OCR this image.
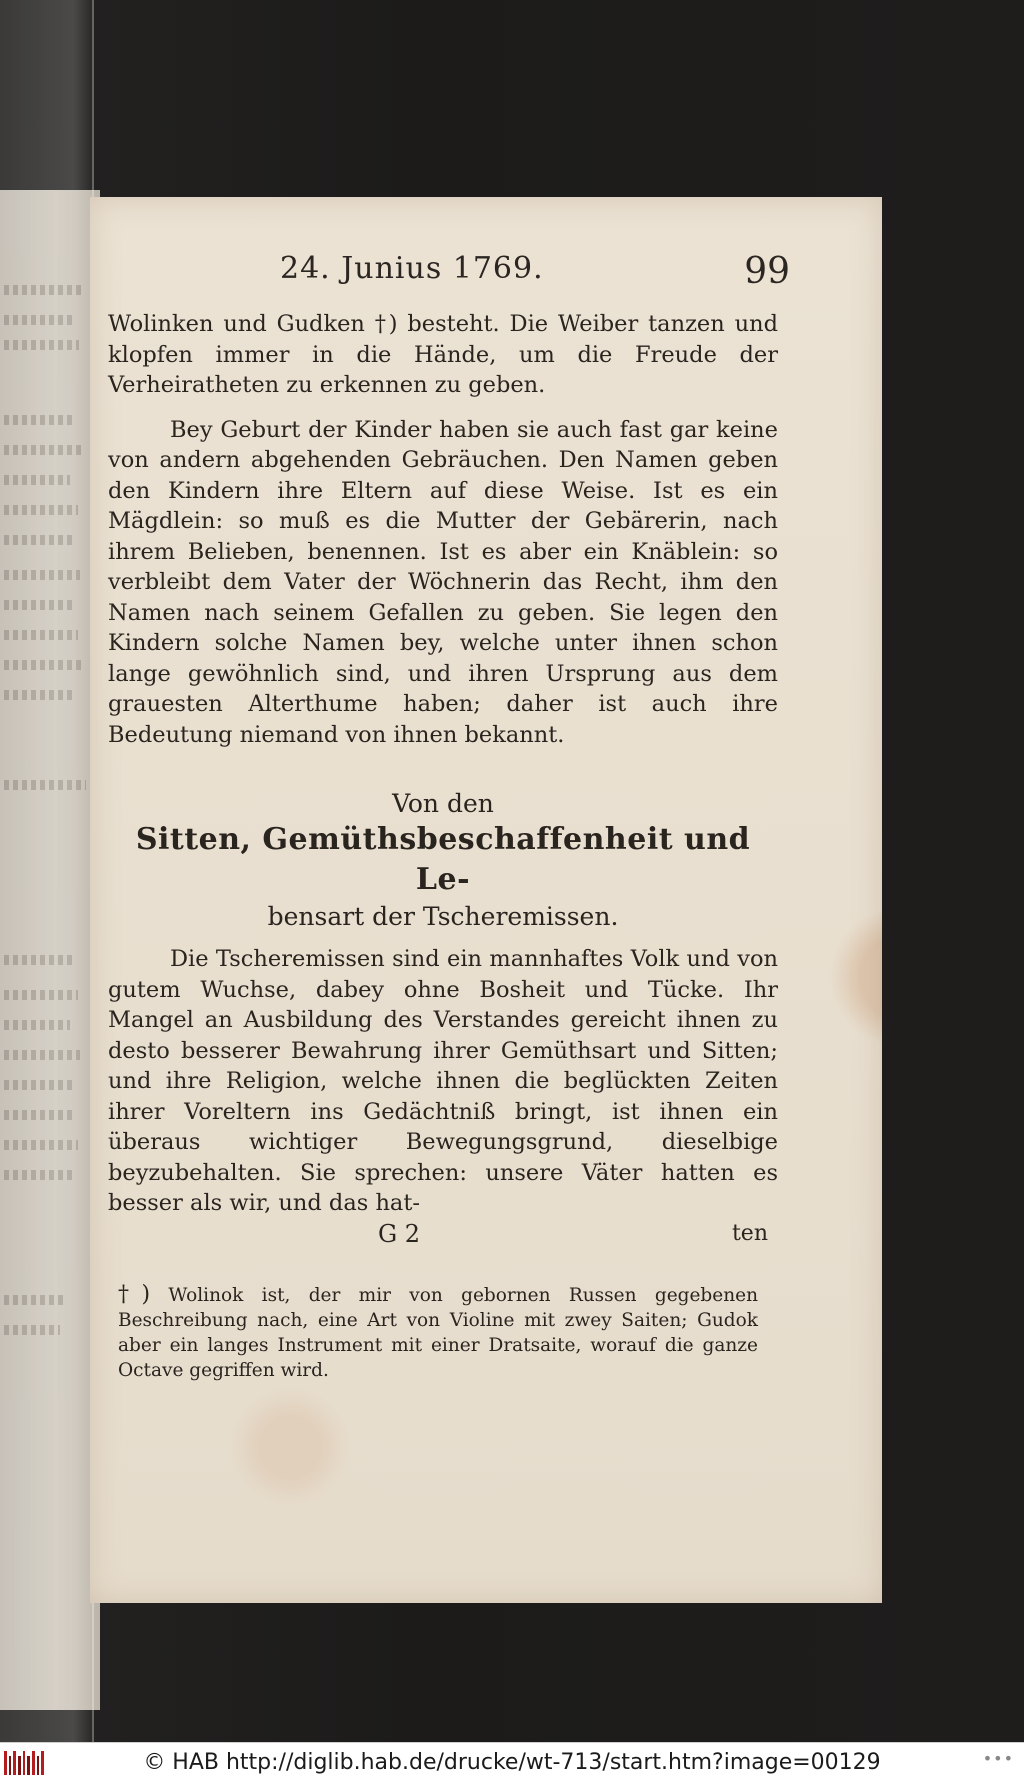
24. Junius 1769.	99

Wolinken und Gudken †) besteht. Die Weiber tanzen und klopfen immer in die Hände, um die Freude der Verheiratheten zu erkennen zu geben.

Bey Geburt der Kinder haben sie auch fast gar keine von andern abgehenden Gebräuchen. Den Namen geben den Kindern ihre Eltern auf diese Weise. Ist es ein Mägdlein: so muß es die Mutter der Gebärerin, nach ihrem Belieben, benennen. Ist es aber ein Knäblein: so verbleibt dem Vater der Wöchnerin das Recht, ihm den Namen nach seinem Gefallen zu geben. Sie legen den Kindern solche Namen bey, welche unter ihnen schon lange gewöhnlich sind, und ihren Ursprung aus dem grauesten Alterthume haben; daher ist auch ihre Bedeutung niemand von ihnen bekannt.

Von den
Sitten, Gemüthsbeschaffenheit und Le-
bensart der Tscheremissen.

Die Tscheremissen sind ein mannhaftes Volk und von gutem Wuchse, dabey ohne Bosheit und Tücke. Ihr Mangel an Ausbildung des Verstandes gereicht ihnen zu desto besserer Bewahrung ihrer Gemüthsart und Sitten; und ihre Religion, welche ihnen die beglückten Zeiten ihrer Voreltern ins Gedächtniß bringt, ist ihnen ein überaus wichtiger Bewegungsgrund, dieselbige beyzubehalten. Sie sprechen: unsere Väter hatten es besser als wir, und das hat-

G 2	ten
†) Wolinok ist, der mir von gebornen Russen gegebenen Beschreibung nach, eine Art von Violine mit zwey Saiten; Gudok aber ein langes Instrument mit einer Dratsaite, worauf die ganze Octave gegriffen wird.
© HAB http://diglib.hab.de/drucke/wt-713/start.htm?image=00129	•••
